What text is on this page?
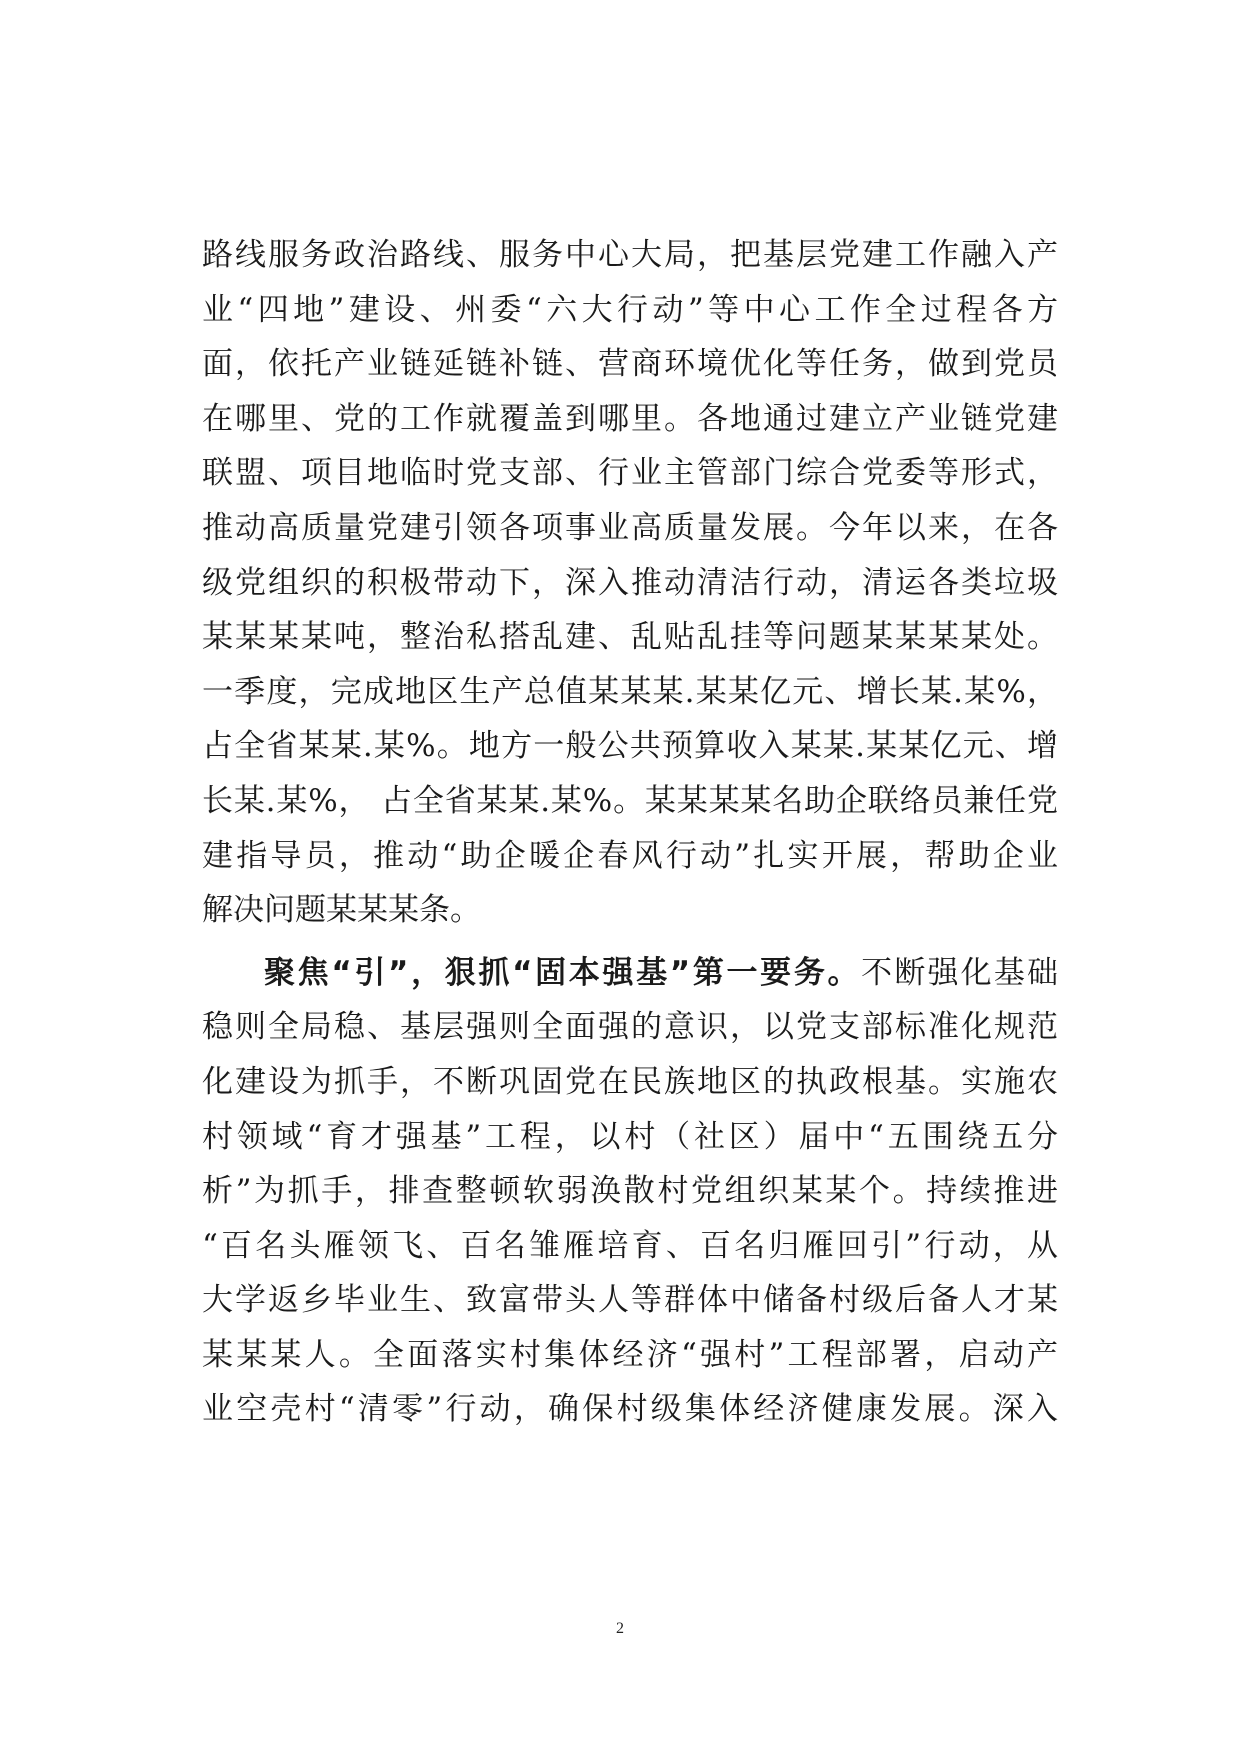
路线服务政治路线、服务中心大局，把基层党建工作融入产
业“四地”建设、州委“六大行动”等中心工作全过程各方
面，依托产业链延链补链、营商环境优化等任务，做到党员
在哪里、党的工作就覆盖到哪里。各地通过建立产业链党建
联盟、项目地临时党支部、行业主管部门综合党委等形式，
推动高质量党建引领各项事业高质量发展。今年以来，在各
级党组织的积极带动下，深入推动清洁行动，清运各类垃圾
某某某某吨，整治私搭乱建、乱贴乱挂等问题某某某某处。
一季度，完成地区生产总值某某某.某某亿元、增长某.某%，
占全省某某.某%。地方一般公共预算收入某某.某某亿元、增
长某.某%， 占全省某某.某%。某某某某名助企联络员兼任党
建指导员，推动“助企暖企春风行动”扎实开展，帮助企业
解决问题某某某条。
聚焦“引”，狠抓“固本强基”第一要务。不断强化基础
稳则全局稳、基层强则全面强的意识，以党支部标准化规范
化建设为抓手，不断巩固党在民族地区的执政根基。实施农
村领域“育才强基”工程，以村（社区）届中“五围绕五分
析”为抓手，排查整顿软弱涣散村党组织某某个。持续推进
“百名头雁领飞、百名雏雁培育、百名归雁回引”行动，从
大学返乡毕业生、致富带头人等群体中储备村级后备人才某
某某某人。全面落实村集体经济“强村”工程部署，启动产
业空壳村“清零”行动，确保村级集体经济健康发展。深入
2
